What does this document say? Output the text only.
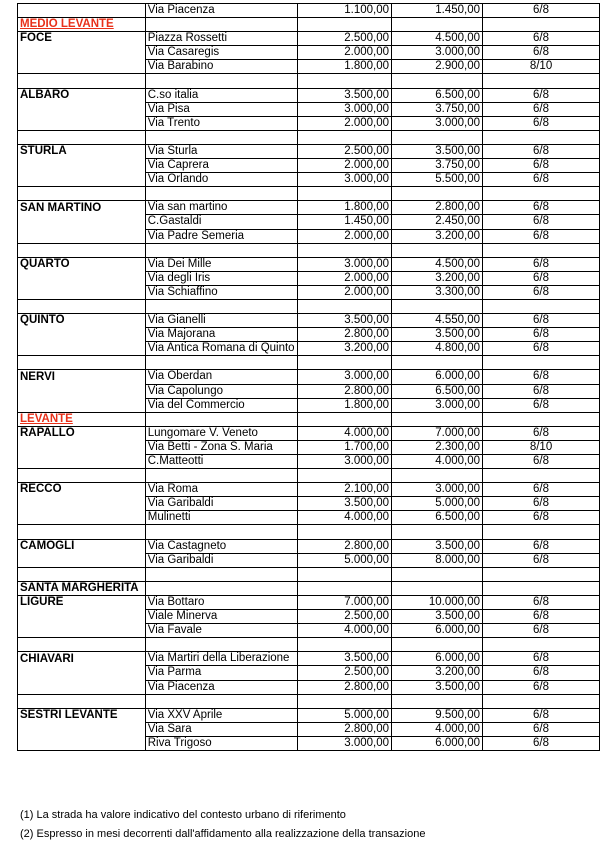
	Via Piacenza	1.100,00	1.450,00	6/8
MEDIO LEVANTE				
FOCE	Piazza Rossetti	2.500,00	4.500,00	6/8
	Via Casaregis	2.000,00	3.000,00	6/8
	Via Barabino	1.800,00	2.900,00	8/10

ALBARO	C.so italia	3.500,00	6.500,00	6/8
	Via Pisa	3.000,00	3.750,00	6/8
	Via Trento	2.000,00	3.000,00	6/8

STURLA	Via Sturla	2.500,00	3.500,00	6/8
	Via Caprera	2.000,00	3.750,00	6/8
	Via Orlando	3.000,00	5.500,00	6/8

SAN MARTINO	Via san martino	1.800,00	2.800,00	6/8
	C.Gastaldi	1.450,00	2.450,00	6/8
	Via Padre Semeria	2.000,00	3.200,00	6/8

QUARTO	Via Dei Mille	3.000,00	4.500,00	6/8
	Via degli Iris	2.000,00	3.200,00	6/8
	Via Schiaffino	2.000,00	3.300,00	6/8

QUINTO	Via Gianelli	3.500,00	4.550,00	6/8
	Via Majorana	2.800,00	3.500,00	6/8
	Via Antica Romana di Quinto	3.200,00	4.800,00	6/8

NERVI	Via Oberdan	3.000,00	6.000,00	6/8
	Via Capolungo	2.800,00	6.500,00	6/8
	Via del Commercio	1.800,00	3.000,00	6/8
LEVANTE				
RAPALLO	Lungomare V. Veneto	4.000,00	7.000,00	6/8
	Via Betti - Zona S. Maria	1.700,00	2.300,00	8/10
	C.Matteotti	3.000,00	4.000,00	6/8

RECCO	Via Roma	2.100,00	3.000,00	6/8
	Via Garibaldi	3.500,00	5.000,00	6/8
	Mulinetti	4.000,00	6.500,00	6/8

CAMOGLI	Via Castagneto	2.800,00	3.500,00	6/8
	Via Garibaldi	5.000,00	8.000,00	6/8

SANTA MARGHERITA				
LIGURE	Via Bottaro	7.000,00	10.000,00	6/8
	Viale Minerva	2.500,00	3.500,00	6/8
	Via Favale	4.000,00	6.000,00	6/8

CHIAVARI	Via Martiri della Liberazione	3.500,00	6.000,00	6/8
	Via Parma	2.500,00	3.200,00	6/8
	Via Piacenza	2.800,00	3.500,00	6/8

SESTRI LEVANTE	Via XXV Aprile	5.000,00	9.500,00	6/8
	Via Sara	2.800,00	4.000,00	6/8
	Riva Trigoso	3.000,00	6.000,00	6/8
(1) La strada ha valore indicativo del contesto urbano di riferimento
(2) Espresso in mesi decorrenti dall'affidamento alla realizzazione della transazione
